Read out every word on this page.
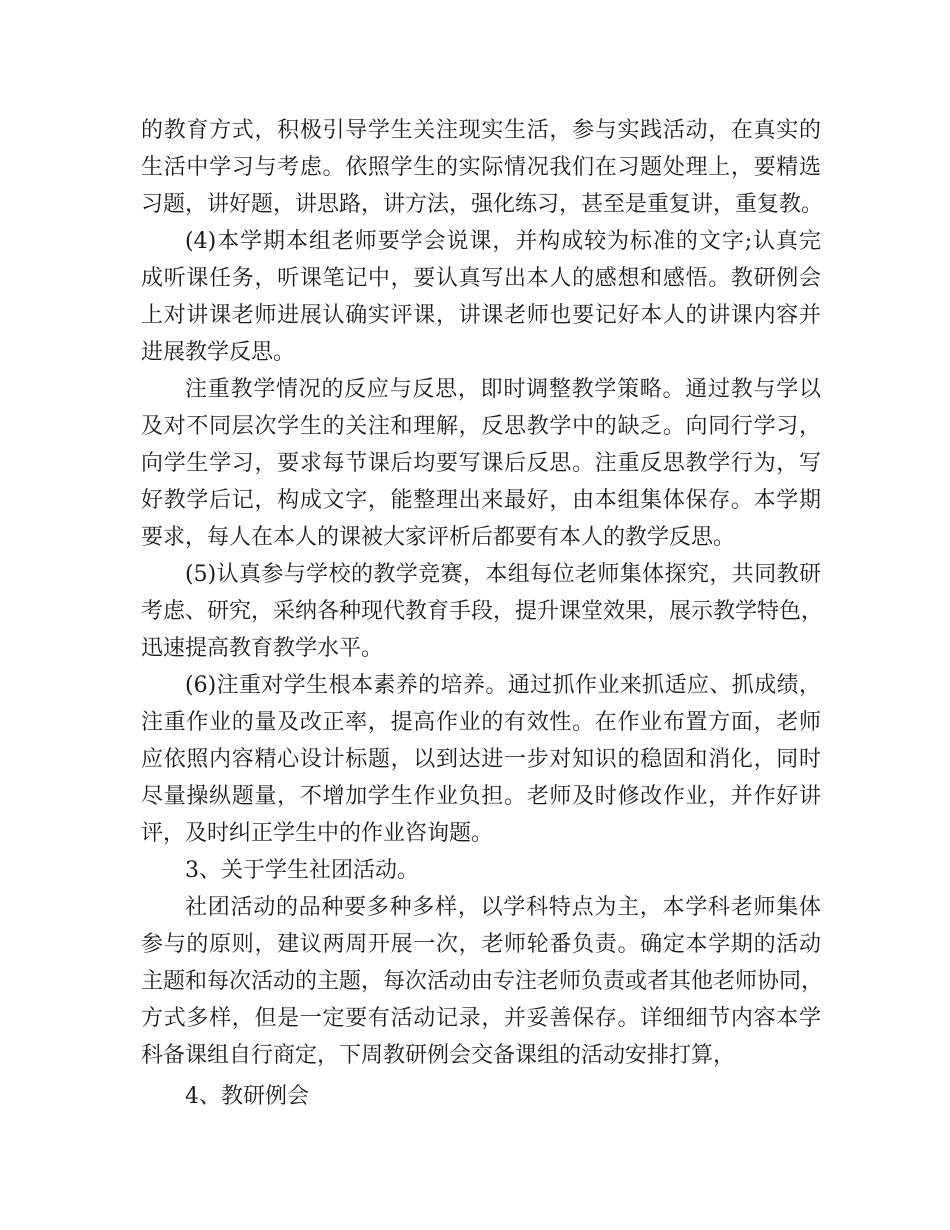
的教育方式，积极引导学生关注现实生活，参与实践活动，在真实的
生活中学习与考虑。依照学生的实际情况我们在习题处理上，要精选
习题，讲好题，讲思路，讲方法，强化练习，甚至是重复讲，重复教。
(4)本学期本组老师要学会说课，并构成较为标准的文字;认真完
成听课任务，听课笔记中，要认真写出本人的感想和感悟。教研例会
上对讲课老师进展认确实评课，讲课老师也要记好本人的讲课内容并
进展教学反思。
注重教学情况的反应与反思，即时调整教学策略。通过教与学以
及对不同层次学生的关注和理解，反思教学中的缺乏。向同行学习，
向学生学习，要求每节课后均要写课后反思。注重反思教学行为，写
好教学后记，构成文字，能整理出来最好，由本组集体保存。本学期
要求，每人在本人的课被大家评析后都要有本人的教学反思。
(5)认真参与学校的教学竞赛，本组每位老师集体探究，共同教研
考虑、研究，采纳各种现代教育手段，提升课堂效果，展示教学特色，
迅速提高教育教学水平。
(6)注重对学生根本素养的培养。通过抓作业来抓适应、抓成绩，
注重作业的量及改正率，提高作业的有效性。在作业布置方面，老师
应依照内容精心设计标题，以到达进一步对知识的稳固和消化，同时
尽量操纵题量，不增加学生作业负担。老师及时修改作业，并作好讲
评，及时纠正学生中的作业咨询题。
3、关于学生社团活动。
社团活动的品种要多种多样，以学科特点为主，本学科老师集体
参与的原则，建议两周开展一次，老师轮番负责。确定本学期的活动
主题和每次活动的主题，每次活动由专注老师负责或者其他老师协同，
方式多样，但是一定要有活动记录，并妥善保存。详细细节内容本学
科备课组自行商定，下周教研例会交备课组的活动安排打算，
4、教研例会
